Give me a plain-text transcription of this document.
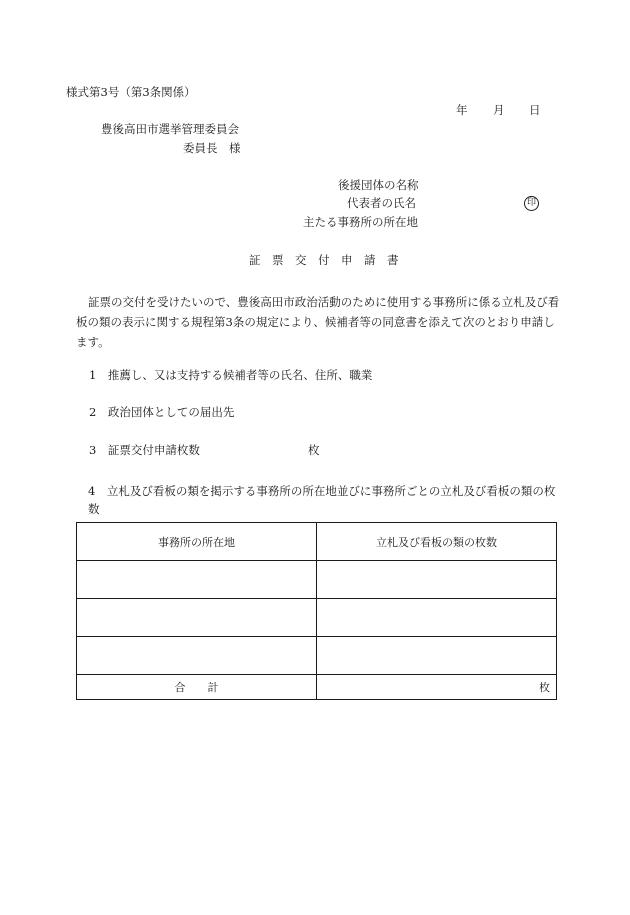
様式第3号（第3条関係）
年 月 日
豊後高田市選挙管理委員会
委員長　様
後援団体の名称
代表者の氏名	印
主たる事務所の所在地
証　票　交　付　申　請　書
証票の交付を受けたいので、豊後高田市政治活動のために使用する事務所に係る立札及び看板の類の表示に関する規程第3条の規定により、候補者等の同意書を添えて次のとおり申請します。
1　 推薦し、又は支持する候補者等の氏名、住所、職業
2　 政治団体としての届出先
3　 証票交付申請枚数	枚
4　 立札及び看板の類を掲示する事務所の所在地並びに事務所ごとの立札及び看板の類の枚数
事務所の所在地	立札及び看板の類の枚数

合　　計	枚
